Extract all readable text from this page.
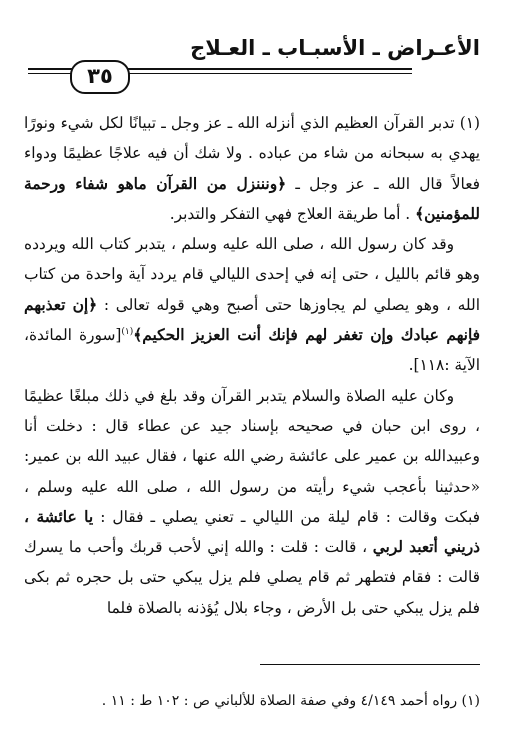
الأعـراض ـ الأسبـاب ـ العـلاج
٣٥

(١) تدبر القرآن العظيم الذي أنزله الله ـ عز وجل ـ تبيانًا لكل شيء ونورًا يهدي به سبحانه من شاء من عباده . ولا شك أن فيه علاجًا عظيمًا ودواء فعالاً قال الله ـ عز وجل ـ ﴿ونننزل من القرآن ماهو شفاء ورحمة للمؤمنين﴾ . أما طريقة العلاج فهي التفكر والتدبر.

وقد كان رسول الله ، صلى الله عليه وسلم ، يتدبر كتاب الله ويردده وهو قائم بالليل ، حتى إنه في إحدى الليالي قام يردد آية واحدة من كتاب الله ، وهو يصلي لم يجاوزها حتى أصبح وهي قوله تعالى : ﴿إن تعذبهم فإنهم عبادك وإن تغفر لهم فإنك أنت العزيز الحكيم﴾$^{(١)}$[سورة المائدة، الآية :١١٨].

وكان عليه الصلاة والسلام يتدبر القرآن وقد بلغ في ذلك مبلغًا عظيمًا ، روى ابن حبان في صحيحه بإسناد جيد عن عطاء قال : دخلت أنا وعبيدالله بن عمير على عائشة رضي الله عنها ، فقال عبيد الله بن عمير: «حدثينا بأعجب شيء رأيته من رسول الله ، صلى الله عليه وسلم ، فبكت وقالت : قام ليلة من الليالي ـ تعني يصلي ـ فقال : يا عائشة ، ذريني أتعبد لربي ، قالت : قلت : والله إني لأحب قربك وأحب ما يسرك قالت : فقام فتطهر ثم قام يصلي فلم يزل يبكي حتى بل حجره ثم بكى فلم يزل يبكي حتى بل الأرض ، وجاء بلال يُؤذنه بالصلاة فلما

(١) رواه أحمد ٤/١٤٩ وفي صفة الصلاة للألباني ص : ١٠٢ ط : ١١ .
